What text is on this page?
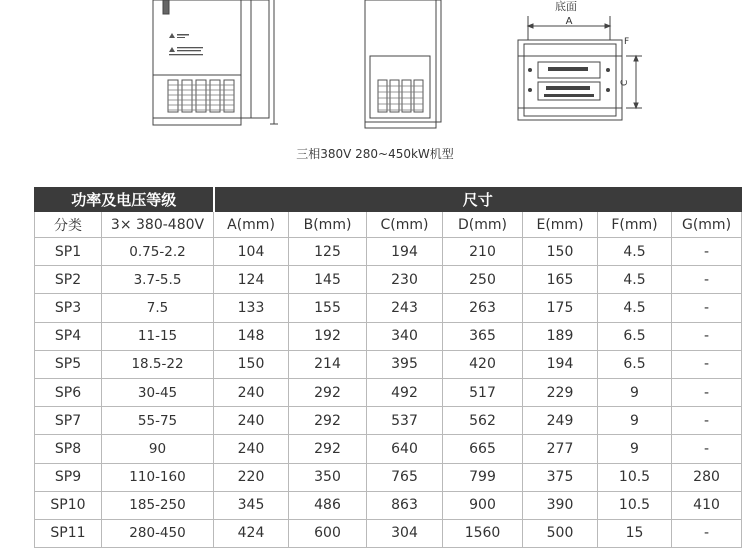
底面
A
F
C
三相380V 280~450kW机型
功率及电压等级		尺寸						
分类	3× 380-480V	A(mm)	B(mm)	C(mm)	D(mm)	E(mm)	F(mm)	G(mm)
SP1	0.75-2.2	104	125	194	210	150	4.5	-
SP2	3.7-5.5	124	145	230	250	165	4.5	-
SP3	7.5	133	155	243	263	175	4.5	-
SP4	11-15	148	192	340	365	189	6.5	-
SP5	18.5-22	150	214	395	420	194	6.5	-
SP6	30-45	240	292	492	517	229	9	-
SP7	55-75	240	292	537	562	249	9	-
SP8	90	240	292	640	665	277	9	-
SP9	110-160	220	350	765	799	375	10.5	280
SP10	185-250	345	486	863	900	390	10.5	410
SP11	280-450	424	600	304	1560	500	15	-
